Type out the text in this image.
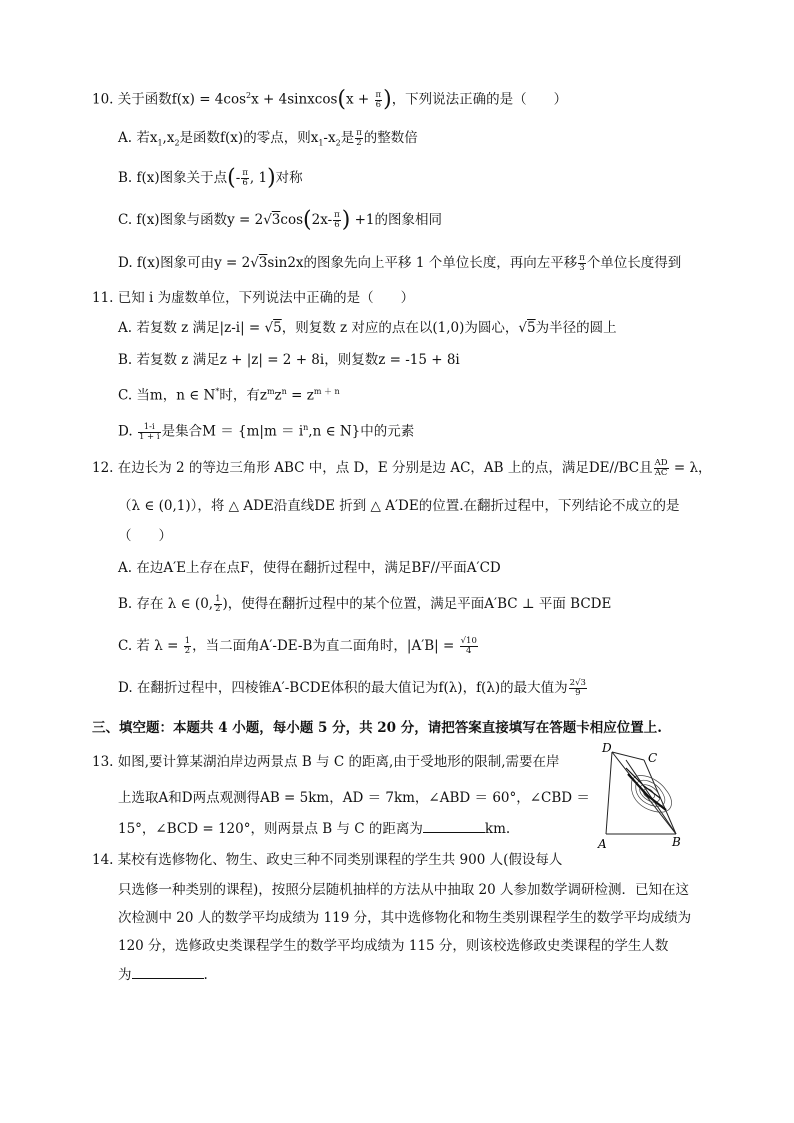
10. 关于函数$f(x) = 4\cos^2x$ + 4sinxcos(x + $\frac{\pi}{6}$ )，下列说法正确的是（　　）
A. 若$x_1,x_2$是函数f(x)的零点，则$x_1-x_2$是 $\frac{\pi}{2}$ 的整数倍
B. f(x)图象关于点(- $\frac{\pi}{6}$ , 1)对称
C. f(x)图象与函数$y = 2√3\cos(2x- \frac{\pi}{6}$ ) +1的图象相同
D. f(x)图象可由y = 2√3sin2x的图象先向上平移 1 个单位长度，再向左平移 $\frac{\pi}{3}$ 个单位长度得到
11. 已知 i 为虚数单位，下列说法中正确的是（　　）
A. 若复数 z 满足|z-i| = √5，则复数 z 对应的点在以(1,0)为圆心，√5为半径的圆上
B. 若复数 z 满足z + |z| = 2 + 8i，则复数z = -15 + 8i
C. 当m，n ∈ N*时，有$z^mz^n = z^{m + n}$
D. $\frac{1-i}{1 + i}$ 是集合$M = \{m|m = i^n,n$ ∈ N}中的元素
12. 在边长为 2 的等边三角形 ABC 中，点 D，E 分别是边 AC，AB 上的点，满足DE//BC且 $\frac{AD}{AC} = \lambda$，
（λ ∈ (0,1)），将 △ ADE沿直线DE 折到 △ A′DE的位置.在翻折过程中，下列结论不成立的是
（　　）
A. 在边A′E上存在点F，使得在翻折过程中，满足BF//平面A′CD
B. 存在 λ ∈ (0, $\frac{1}{2}$ )，使得在翻折过程中的某个位置，满足平面A′BC ⊥ 平面 BCDE
C. 若 $\lambda = \frac{1}{2}$ ，当二面角A′-DE-B为直二面角时，$|A'B| = \frac{√10}{4}$
D. 在翻折过程中，四棱锥A′-BCDE体积的最大值记为f(λ)，f(λ)的最大值为 $\frac{2√3}{9}$
三、填空题：本题共 4 小题，每小题 5 分，共 20 分，请把答案直接填写在答题卡相应位置上.
13. 如图,要计算某湖泊岸边两景点 B 与 C 的距离,由于受地形的限制,需要在岸
上选取A和D两点观测得AB = 5km，AD ＝ 7km，∠ABD ＝ 60°，∠CBD ＝
15°，∠BCD = 120°，则两景点 B 与 C 的距离为	km.
D
C
A	B
14. 某校有选修物化、物生、政史三种不同类别课程的学生共 900 人(假设每人
只选修一种类别的课程)，按照分层随机抽样的方法从中抽取 20 人参加数学调研检测．已知在这
次检测中 20 人的数学平均成绩为 119 分，其中选修物化和物生类别课程学生的数学平均成绩为
120 分，选修政史类课程学生的数学平均成绩为 115 分，则该校选修政史类课程的学生人数
为	.
